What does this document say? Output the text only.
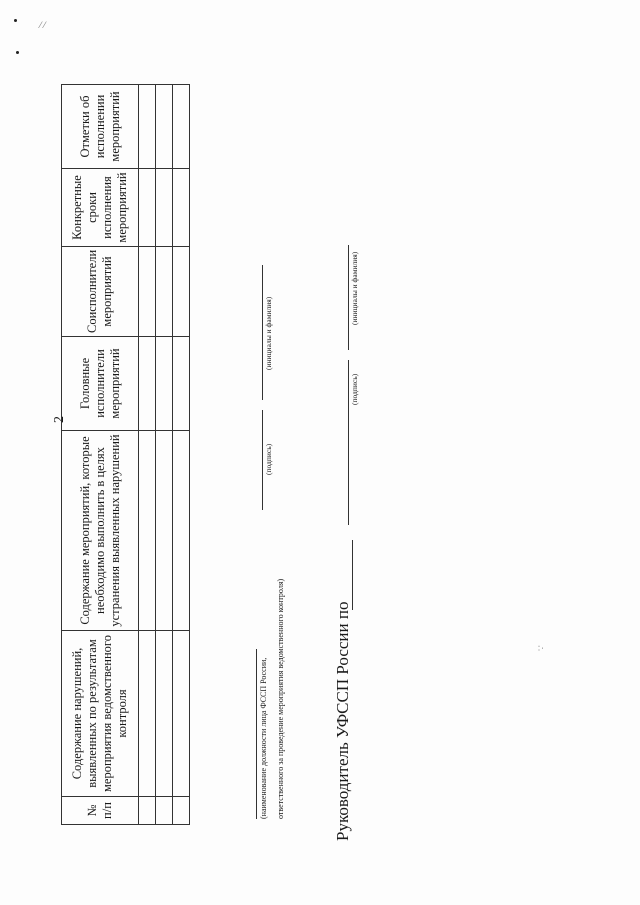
⁄ ⁄
2
№ п/п	Содержание нарушений, выявленных по результатам мероприятия ведомственного контроля	Содержание мероприятий, которые необходимо выполнить в целях устранения выявленных нарушений	Головные исполнители мероприятий	Соисполнители мероприятий	Конкретные сроки исполнения мероприятий	Отметки об исполнении мероприятий

(наименование должности лица ФССП России, ответственного за проведение мероприятия ведомственного контроля)
(подпись)
(инициалы и фамилия)
Руководитель УФССП России по
(подпись)
(инициалы и фамилия)
∵
